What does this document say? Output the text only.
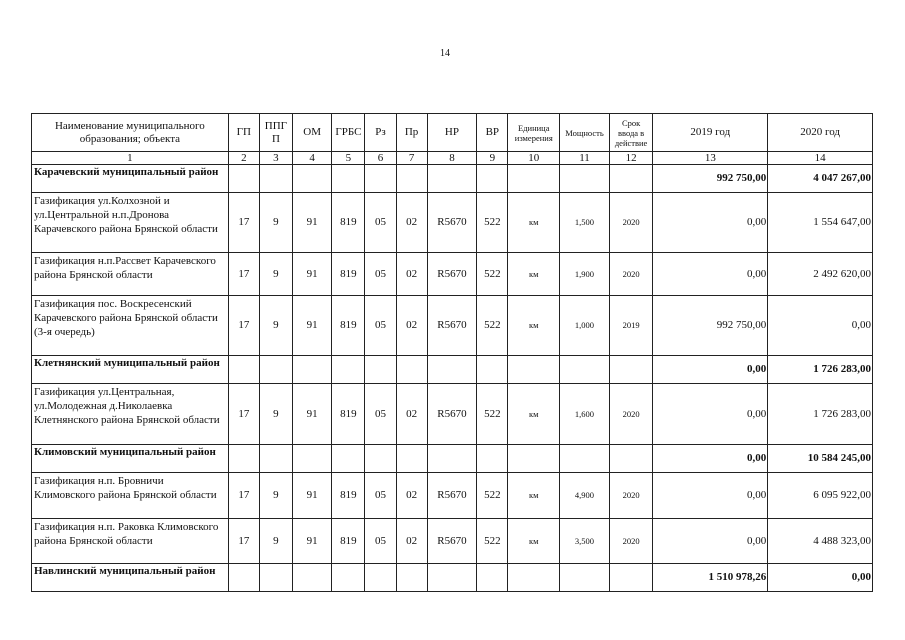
14
Наименование муниципального образования; объекта	ГП	ППГ П	ОМ	ГРБС	Рз	Пр	НР	ВР	Единица измерения	Мощность	Срок ввода в действие	2019 год	2020 год
1	2	3	4	5	6	7	8	9	10	11	12	13	14
Карачевский муниципальный район												992 750,00	4 047 267,00
Газификация ул.Колхозной и ул.Центральной н.п.Дронова Карачевского района Брянской области	17	9	91	819	05	02	R5670	522	км	1,500	2020	0,00	1 554 647,00
Газификация н.п.Рассвет Карачевского района Брянской области	17	9	91	819	05	02	R5670	522	км	1,900	2020	0,00	2 492 620,00
Газификация пос. Воскресенский Карачевского района Брянской области (3-я очередь)	17	9	91	819	05	02	R5670	522	км	1,000	2019	992 750,00	0,00
Клетнянский муниципальный район												0,00	1 726 283,00
Газификация ул.Центральная, ул.Молодежная д.Николаевка Клетнянского района Брянской области	17	9	91	819	05	02	R5670	522	км	1,600	2020	0,00	1 726 283,00
Климовский муниципальный район												0,00	10 584 245,00
Газификация н.п. Бровничи Климовского района Брянской области	17	9	91	819	05	02	R5670	522	км	4,900	2020	0,00	6 095 922,00
Газификация н.п. Раковка Климовского района Брянской области	17	9	91	819	05	02	R5670	522	км	3,500	2020	0,00	4 488 323,00
Навлинский муниципальный район												1 510 978,26	0,00
